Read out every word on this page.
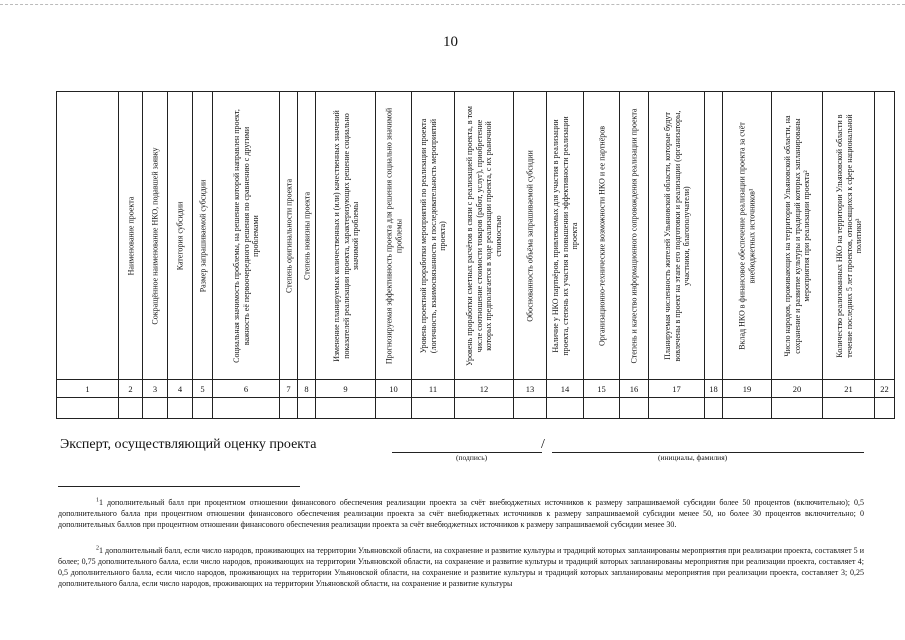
10

	Наименование проекта	Сокращённое наименование НКО, подавшей заявку	Категория субсидии	Размер запрашиваемой субсидии	Социальная значимость проблемы, на решение которой направлен проект, важность её первоочередного решения по сравнению с другими проблемами	Степень оригинальности проекта	Степень новизны проекта	Изменение планируемых количественных и (или) качественных значений показателей реализации проекта, характеризующих решение социально значимой проблемы	Прогнозируемая эффективность проекта для решения социально значимой проблемы	Уровень проектной проработки мероприятий по реализации проекта (логичность, взаимосвязанность и последовательность мероприятий проекта)	Уровень проработки сметных расчётов в связи с реализацией проекта, в том числе соотношение стоимости товаров (работ, услуг), приобретение которых предполагается в ходе реализации проекта, с их рыночной стоимостью	Обоснованность объёма запрашиваемой субсидии	Наличие у НКО партнёров, привлекаемых для участия в реализации проекта, степень их участия в повышении эффективности реализации проекта	Организационно-технические возможности НКО и ее партнёров	Степень и качество информационного сопровождения реализации проекта	Планируемая численность жителей Ульяновской области, которые будут вовлечены в проект на этапе его подготовки и реализации (организаторы, участники, благополучатели)		Вклад НКО в финансовое обеспечение реализации проекта за счёт внебюджетных источников¹	Число народов, проживающих на территории Ульяновской области, на сохранение и развитие культуры и традиций которых запланированы мероприятия при реализации проекта²	Количество реализованных НКО на территории Ульяновской области в течение последних 5 лет проектов, относящихся к сфере национальной политики³	

1	2	3	4	5	6	7	8	9	10	11	12	13	14	15	16	17	18	19	20	21	22

Эксперт, осуществляющий оценку проекта	/
(подпись)	(инициалы, фамилия)
$^1$1 дополнительный балл при процентном отношении финансового обеспечения реализации проекта за счёт внебюджетных источников к размеру запрашиваемой субсидии более 50 процентов (включительно); 0,5 дополнительного балла при процентном отношении финансового обеспечения реализации проекта за счёт внебюджетных источников к размеру запрашиваемой субсидии менее 50, но более 30 процентов включительно; 0 дополнительных баллов при процентном отношении финансового обеспечения реализации проекта за счёт внебюджетных источников к размеру запрашиваемой субсидии менее 30.
$^2$1 дополнительный балл, если число народов, проживающих на территории Ульяновской области, на сохранение и развитие культуры и традиций которых запланированы мероприятия при реализации проекта, составляет 5 и более; 0,75 дополнительного балла, если число народов, проживающих на территории Ульяновской области, на сохранение и развитие культуры и традиций которых запланированы мероприятия при реализации проекта, составляет 4; 0,5 дополнительного балла, если число народов, проживающих на территории Ульяновской области, на сохранение и развитие культуры и традиций которых запланированы мероприятия при реализации проекта, составляет 3; 0,25 дополнительного балла, если число народов, проживающих на территории Ульяновской области, на сохранение и развитие культуры
